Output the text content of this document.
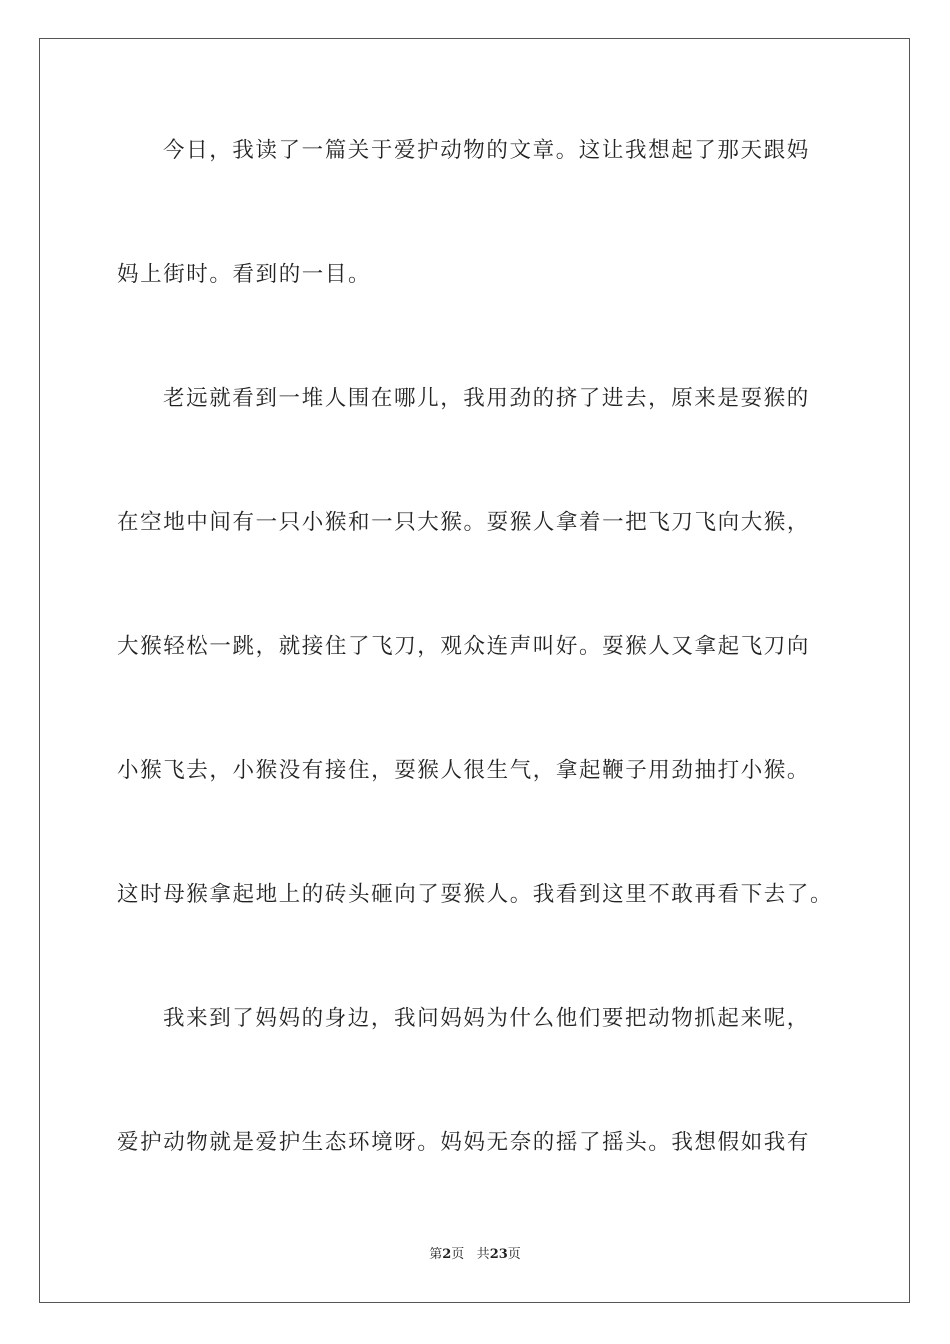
今日，我读了一篇关于爱护动物的文章。这让我想起了那天跟妈
妈上街时。看到的一目。
老远就看到一堆人围在哪儿，我用劲的挤了进去，原来是耍猴的
在空地中间有一只小猴和一只大猴。耍猴人拿着一把飞刀飞向大猴，
大猴轻松一跳，就接住了飞刀，观众连声叫好。耍猴人又拿起飞刀向
小猴飞去，小猴没有接住，耍猴人很生气，拿起鞭子用劲抽打小猴。
这时母猴拿起地上的砖头砸向了耍猴人。我看到这里不敢再看下去了。
我来到了妈妈的身边，我问妈妈为什么他们要把动物抓起来呢，
爱护动物就是爱护生态环境呀。妈妈无奈的摇了摇头。我想假如我有
第2页 共23页
